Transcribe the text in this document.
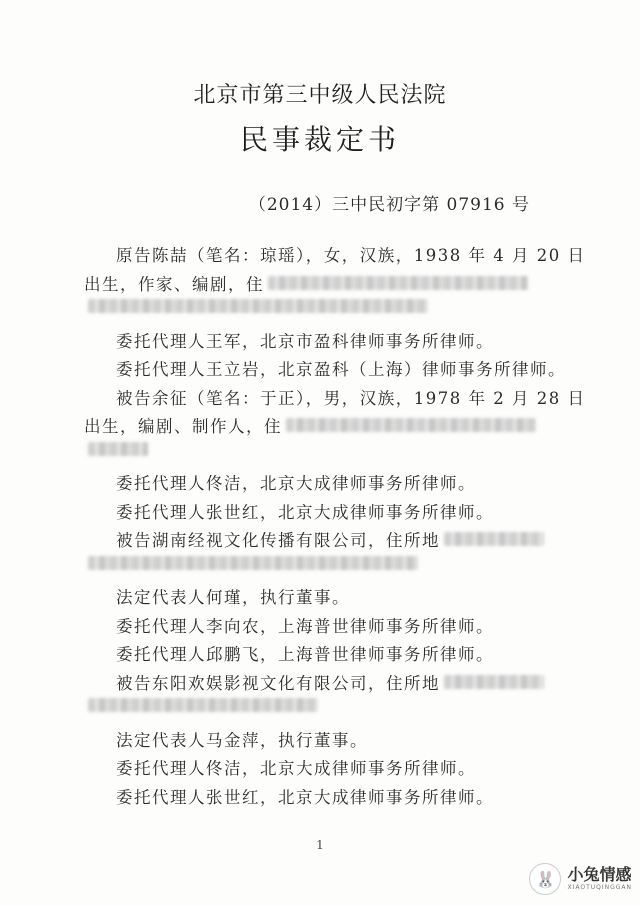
北京市第三中级人民法院
民事裁定书
（2014）三中民初字第 07916 号
原告陈喆（笔名：琼瑶），女，汉族，1938 年 4 月 20 日
出生，作家、编剧，住
委托代理人王军，北京市盈科律师事务所律师。
委托代理人王立岩，北京盈科（上海）律师事务所律师。
被告余征（笔名：于正），男，汉族，1978 年 2 月 28 日
出生，编剧、制作人，住
委托代理人佟洁，北京大成律师事务所律师。
委托代理人张世红，北京大成律师事务所律师。
被告湖南经视文化传播有限公司，住所地
法定代表人何瑾，执行董事。
委托代理人李向农，上海普世律师事务所律师。
委托代理人邱鹏飞，上海普世律师事务所律师。
被告东阳欢娱影视文化有限公司，住所地
法定代表人马金萍，执行董事。
委托代理人佟洁，北京大成律师事务所律师。
委托代理人张世红，北京大成律师事务所律师。
1
🐰 小兔情感
XIAOTUQINGGAN
